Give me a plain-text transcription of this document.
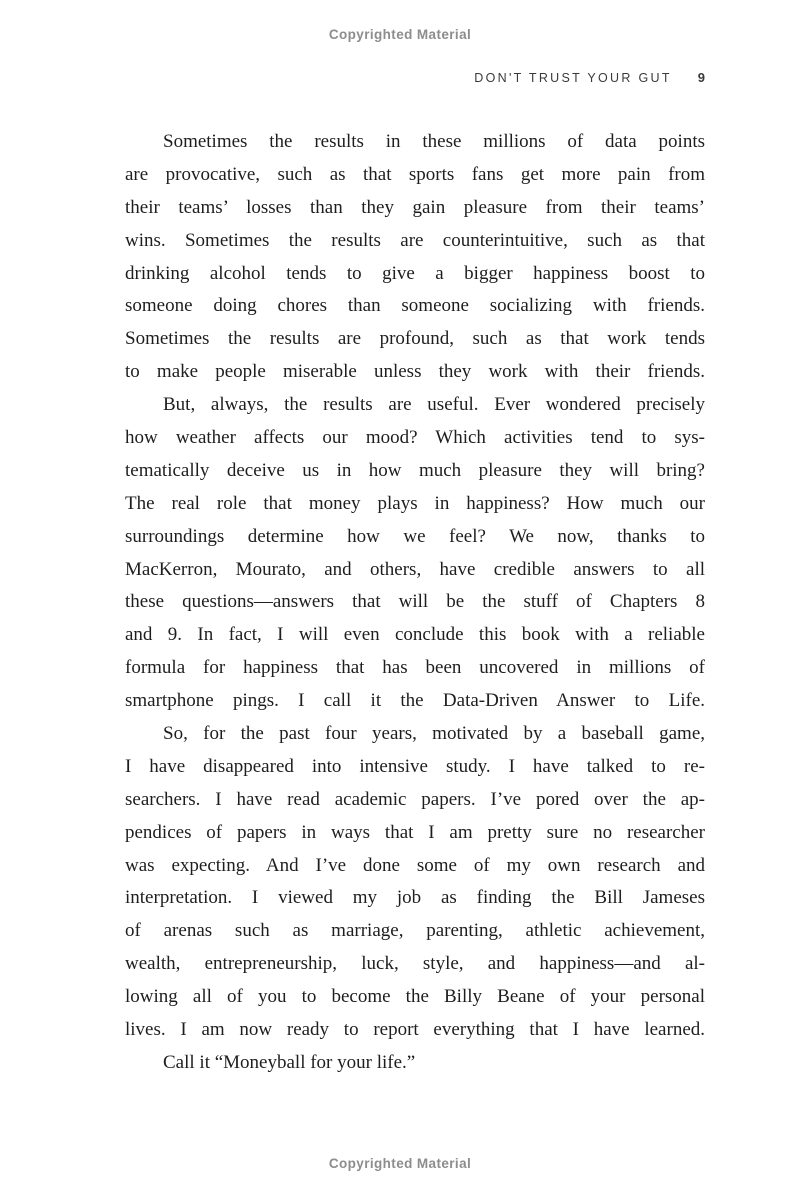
Copyrighted Material
DON'T TRUST YOUR GUT 9
Sometimes the results in these millions of data points
are provocative, such as that sports fans get more pain from
their teams’ losses than they gain pleasure from their teams’
wins. Sometimes the results are counterintuitive, such as that
drinking alcohol tends to give a bigger happiness boost to
someone doing chores than someone socializing with friends.
Sometimes the results are profound, such as that work tends
to make people miserable unless they work with their friends.
But, always, the results are useful. Ever wondered precisely
how weather affects our mood? Which activities tend to sys-
tematically deceive us in how much pleasure they will bring?
The real role that money plays in happiness? How much our
surroundings determine how we feel? We now, thanks to
MacKerron, Mourato, and others, have credible answers to all
these questions—answers that will be the stuff of Chapters 8
and 9. In fact, I will even conclude this book with a reliable
formula for happiness that has been uncovered in millions of
smartphone pings. I call it the Data-Driven Answer to Life.
So, for the past four years, motivated by a baseball game,
I have disappeared into intensive study. I have talked to re-
searchers. I have read academic papers. I’ve pored over the ap-
pendices of papers in ways that I am pretty sure no researcher
was expecting. And I’ve done some of my own research and
interpretation. I viewed my job as finding the Bill Jameses
of arenas such as marriage, parenting, athletic achievement,
wealth, entrepreneurship, luck, style, and happiness—and al-
lowing all of you to become the Billy Beane of your personal
lives. I am now ready to report everything that I have learned.
Call it “Moneyball for your life.”
Copyrighted Material
